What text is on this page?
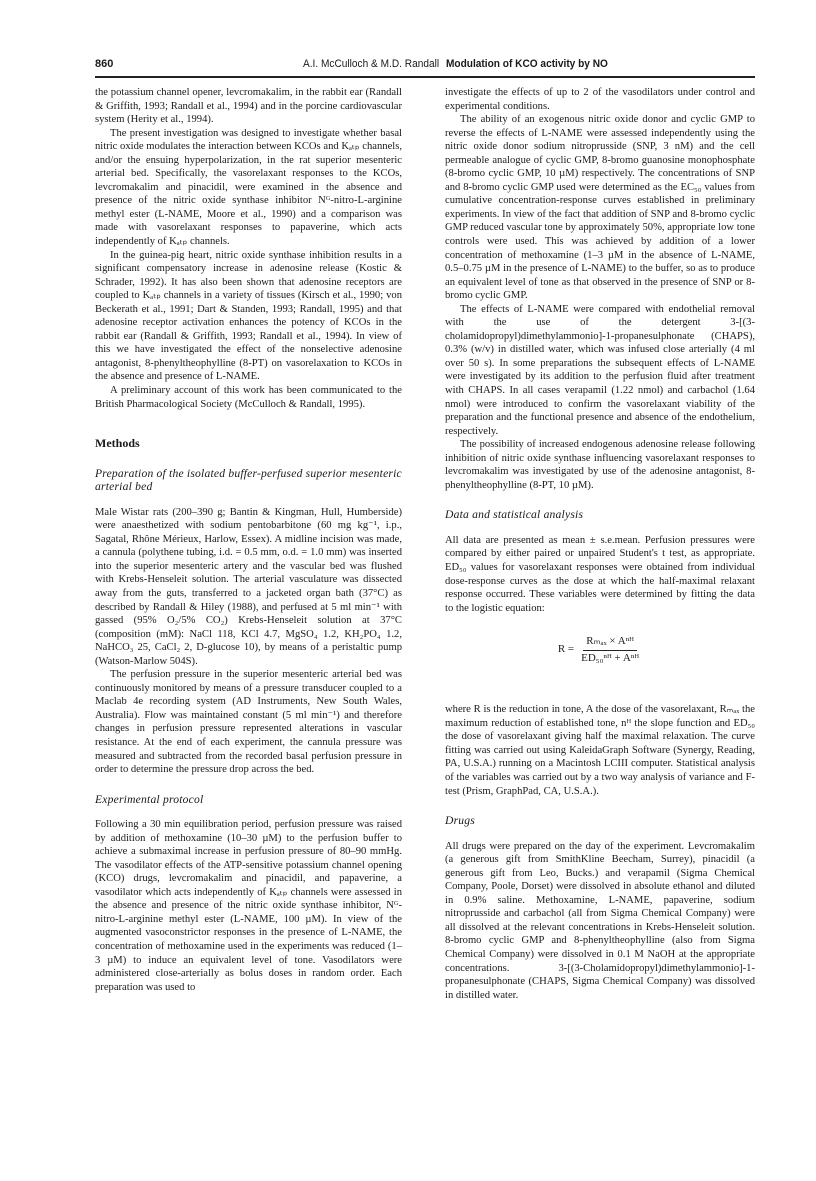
860	A.I. McCulloch & M.D. Randall Modulation of KCO activity by NO

the potassium channel opener, levcromakalim, in the rabbit ear (Randall & Griffith, 1993; Randall et al., 1994) and in the porcine cardiovascular system (Herity et al., 1994).

The present investigation was designed to investigate whether basal nitric oxide modulates the interaction between KCOs and Kₐₜₚ channels, and/or the ensuing hyperpolarization, in the rat superior mesenteric arterial bed. Specifically, the vasorelaxant responses to the KCOs, levcromakalim and pinacidil, were examined in the absence and presence of the nitric oxide synthase inhibitor Nᴳ-nitro-L-arginine methyl ester (L-NAME, Moore et al., 1990) and a comparison was made with vasorelaxant responses to papaverine, which acts independently of Kₐₜₚ channels.

In the guinea-pig heart, nitric oxide synthase inhibition results in a significant compensatory increase in adenosine release (Kostic & Schrader, 1992). It has also been shown that adenosine receptors are coupled to Kₐₜₚ channels in a variety of tissues (Kirsch et al., 1990; von Beckerath et al., 1991; Dart & Standen, 1993; Randall, 1995) and that adenosine receptor activation enhances the potency of KCOs in the rabbit ear (Randall & Griffith, 1993; Randall et al., 1994). In view of this we have investigated the effect of the nonselective adenosine antagonist, 8-phenyltheophylline (8-PT) on vasorelaxation to KCOs in the absence and presence of L-NAME.

A preliminary account of this work has been communicated to the British Pharmacological Society (McCulloch & Randall, 1995).

Methods
Preparation of the isolated buffer-perfused superior mesenteric arterial bed

Male Wistar rats (200–390 g; Bantin & Kingman, Hull, Humberside) were anaesthetized with sodium pentobarbitone (60 mg kg⁻¹, i.p., Sagatal, Rhône Mérieux, Harlow, Essex). A midline incision was made, a cannula (polythene tubing, i.d. = 0.5 mm, o.d. = 1.0 mm) was inserted into the superior mesenteric artery and the vascular bed was flushed with Krebs-Henseleit solution. The arterial vasculature was dissected away from the guts, transferred to a jacketed organ bath (37°C) as described by Randall & Hiley (1988), and perfused at 5 ml min⁻¹ with gassed (95% O₂/5% CO₂) Krebs-Henseleit solution at 37°C (composition (mM): NaCl 118, KCl 4.7, MgSO₄ 1.2, KH₂PO₄ 1.2, NaHCO₃ 25, CaCl₂ 2, D-glucose 10), by means of a peristaltic pump (Watson-Marlow 504S).

The perfusion pressure in the superior mesenteric arterial bed was continuously monitored by means of a pressure transducer coupled to a Maclab 4e recording system (AD Instruments, New South Wales, Australia). Flow was maintained constant (5 ml min⁻¹) and therefore changes in perfusion pressure represented alterations in vascular resistance. At the end of each experiment, the cannula pressure was measured and subtracted from the recorded basal perfusion pressure in order to determine the pressure drop across the bed.

Experimental protocol

Following a 30 min equilibration period, perfusion pressure was raised by addition of methoxamine (10–30 µM) to the perfusion buffer to achieve a submaximal increase in perfusion pressure of 80–90 mmHg. The vasodilator effects of the ATP-sensitive potassium channel opening (KCO) drugs, levcromakalim and pinacidil, and papaverine, a vasodilator which acts independently of Kₐₜₚ channels were assessed in the absence and presence of the nitric oxide synthase inhibitor, Nᴳ-nitro-L-arginine methyl ester (L-NAME, 100 µM). In view of the augmented vasoconstrictor responses in the presence of L-NAME, the concentration of methoxamine used in the experiments was reduced (1–3 µM) to induce an equivalent level of tone. Vasodilators were administered close-arterially as bolus doses in random order. Each preparation was used to

investigate the effects of up to 2 of the vasodilators under control and experimental conditions.

The ability of an exogenous nitric oxide donor and cyclic GMP to reverse the effects of L-NAME were assessed independently using the nitric oxide donor sodium nitroprusside (SNP, 3 nM) and the cell permeable analogue of cyclic GMP, 8-bromo guanosine monophosphate (8-bromo cyclic GMP, 10 µM) respectively. The concentrations of SNP and 8-bromo cyclic GMP used were determined as the EC₅₀ values from cumulative concentration-response curves established in preliminary experiments. In view of the fact that addition of SNP and 8-bromo cyclic GMP reduced vascular tone by approximately 50%, appropriate low tone controls were used. This was achieved by addition of a lower concentration of methoxamine (1–3 µM in the absence of L-NAME, 0.5–0.75 µM in the presence of L-NAME) to the buffer, so as to produce an equivalent level of tone as that observed in the presence of SNP or 8-bromo cyclic GMP.

The effects of L-NAME were compared with endothelial removal with the use of the detergent 3-[(3-cholamidopropyl)dimethylammonio]-1-propanesulphonate (CHAPS), 0.3% (w/v) in distilled water, which was infused close arterially (4 ml over 50 s). In some preparations the subsequent effects of L-NAME were investigated by its addition to the perfusion fluid after treatment with CHAPS. In all cases verapamil (1.22 nmol) and carbachol (1.64 nmol) were introduced to confirm the vasorelaxant viability of the preparation and the functional presence and absence of the endothelium, respectively.

The possibility of increased endogenous adenosine release following inhibition of nitric oxide synthase influencing vasorelaxant responses to levcromakalim was investigated by use of the adenosine antagonist, 8-phenyltheophylline (8-PT, 10 µM).

Data and statistical analysis

All data are presented as mean ± s.e.mean. Perfusion pressures were compared by either paired or unpaired Student's t test, as appropriate. ED₅₀ values for vasorelaxant responses were obtained from individual dose-response curves as the dose at which the half-maximal relaxant response occurred. These variables were determined by fitting the data to the logistic equation:

$R = \frac{\text{Rₘₐₓ × Aⁿᴴ}}{\text{ED₅₀ⁿᴴ + Aⁿᴴ}}$

where R is the reduction in tone, A the dose of the vasorelaxant, Rₘₐₓ the maximum reduction of established tone, nᴴ the slope function and ED₅₀ the dose of vasorelaxant giving half the maximal relaxation. The curve fitting was carried out using KaleidaGraph Software (Synergy, Reading, PA, U.S.A.) running on a Macintosh LCIII computer. Statistical analysis of the variables was carried out by a two way analysis of variance and F-test (Prism, GraphPad, CA, U.S.A.).

Drugs

All drugs were prepared on the day of the experiment. Levcromakalim (a generous gift from SmithKline Beecham, Surrey), pinacidil (a generous gift from Leo, Bucks.) and verapamil (Sigma Chemical Company, Poole, Dorset) were dissolved in absolute ethanol and diluted in 0.9% saline. Methoxamine, L-NAME, papaverine, sodium nitroprusside and carbachol (all from Sigma Chemical Company) were all dissolved at the relevant concentrations in Krebs-Henseleit solution. 8-bromo cyclic GMP and 8-phenyltheophylline (also from Sigma Chemical Company) were dissolved in 0.1 M NaOH at the appropriate concentrations. 3-[(3-Cholamidopropyl)dimethylammonio]-1-propanesulphonate (CHAPS, Sigma Chemical Company) was dissolved in distilled water.
